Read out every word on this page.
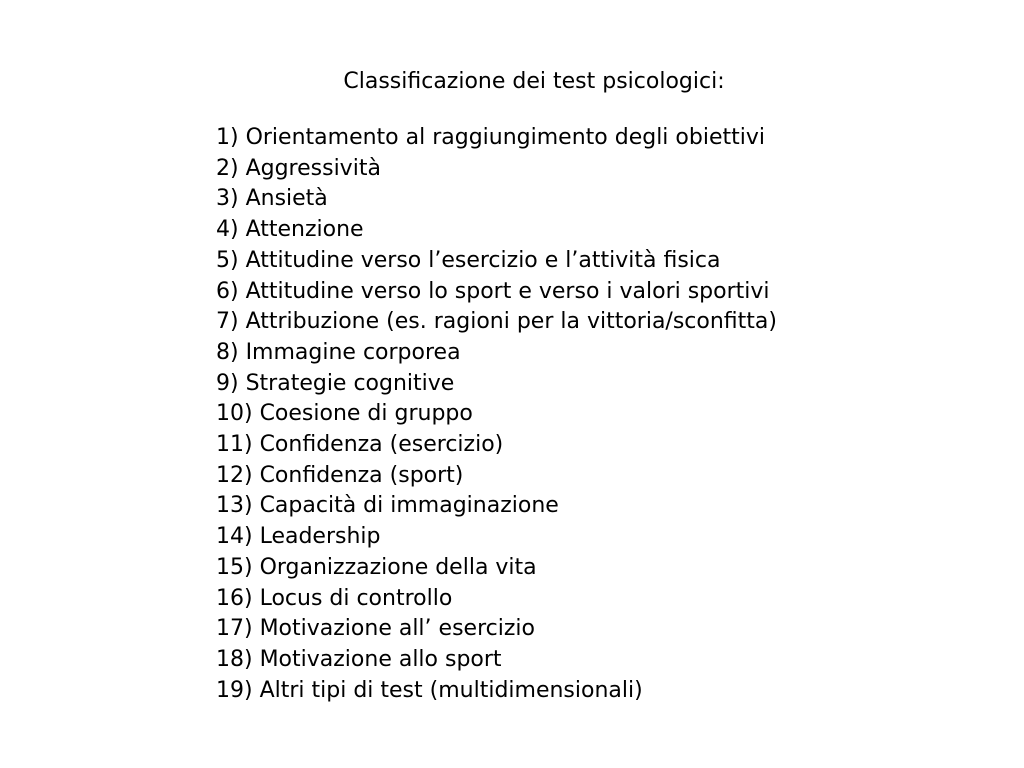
Classificazione dei test psicologici:
1) Orientamento al raggiungimento degli obiettivi
2) Aggressività
3) Ansietà
4) Attenzione
5) Attitudine verso l’esercizio e l’attività fisica
6) Attitudine verso lo sport e verso i valori sportivi
7) Attribuzione (es. ragioni per la vittoria/sconfitta)
8) Immagine corporea
9) Strategie cognitive
10) Coesione di gruppo
11) Confidenza (esercizio)
12) Confidenza (sport)
13) Capacità di immaginazione
14) Leadership
15) Organizzazione della vita
16) Locus di controllo
17) Motivazione all’ esercizio
18) Motivazione allo sport
19) Altri tipi di test (multidimensionali)
